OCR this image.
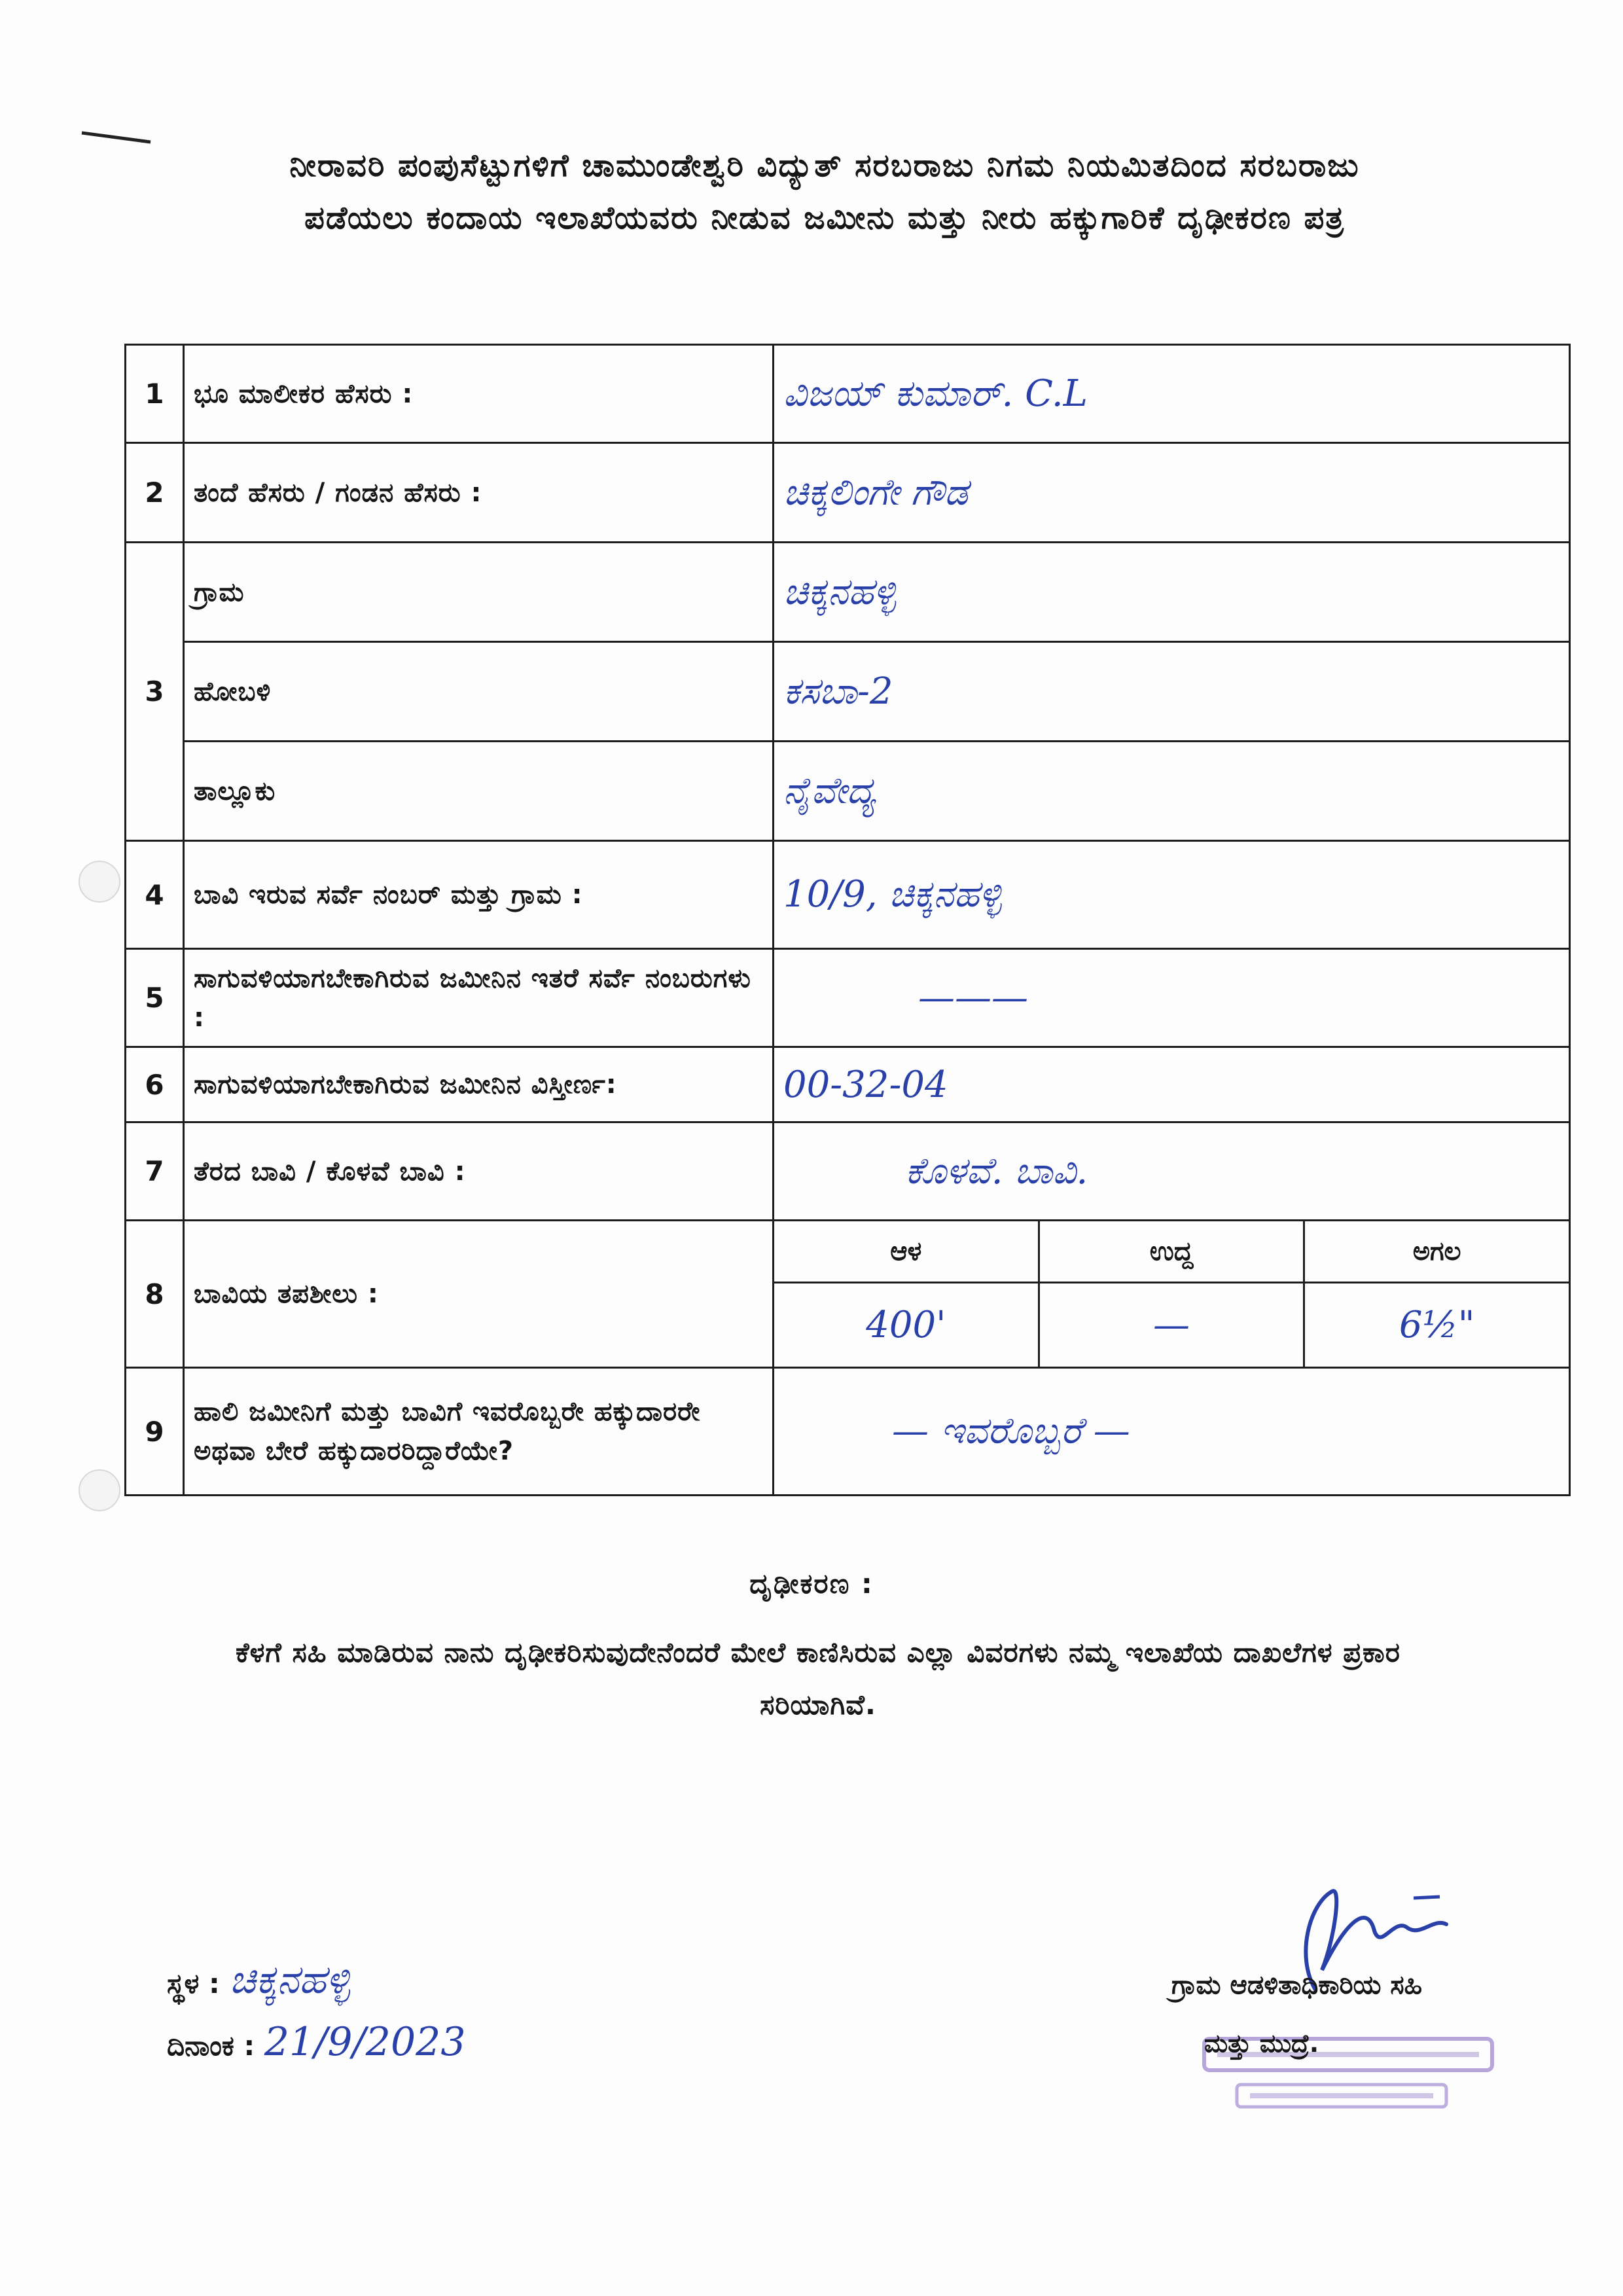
ನೀರಾವರಿ ಪಂಪುಸೆಟ್ಟುಗಳಿಗೆ ಚಾಮುಂಡೇಶ್ವರಿ ವಿದ್ಯುತ್ ಸರಬರಾಜು ನಿಗಮ ನಿಯಮಿತದಿಂದ ಸರಬರಾಜು
ಪಡೆಯಲು ಕಂದಾಯ ಇಲಾಖೆಯವರು ನೀಡುವ ಜಮೀನು ಮತ್ತು ನೀರು ಹಕ್ಕುಗಾರಿಕೆ ದೃಢೀಕರಣ ಪತ್ರ
1	ಭೂ ಮಾಲೀಕರ ಹೆಸರು :	ವಿಜಯ್ ಕುಮಾರ್. C.L		
2	ತಂದೆ ಹೆಸರು / ಗಂಡನ ಹೆಸರು :	ಚಿಕ್ಕಲಿಂಗೇ ಗೌಡ		
3	ಗ್ರಾಮ	ಚಿಕ್ಕನಹಳ್ಳಿ		
	ಹೋಬಳಿ	ಕಸಬಾ-2		
	ತಾಲ್ಲೂಕು	ನೈವೇದ್ಯ		
4	ಬಾವಿ ಇರುವ ಸರ್ವೆ ನಂಬರ್ ಮತ್ತು ಗ್ರಾಮ :	10/9, ಚಿಕ್ಕನಹಳ್ಳಿ		
5	ಸಾಗುವಳಿಯಾಗಬೇಕಾಗಿರುವ ಜಮೀನಿನ ಇತರೆ ಸರ್ವೆ ನಂಬರುಗಳು :	———		
6	ಸಾಗುವಳಿಯಾಗಬೇಕಾಗಿರುವ ಜಮೀನಿನ ವಿಸ್ತೀರ್ಣ:	00-32-04		
7	ತೆರದ ಬಾವಿ / ಕೊಳವೆ ಬಾವಿ :	ಕೊಳವೆ. ಬಾವಿ.		
8	ಬಾವಿಯ ತಪಶೀಲು :	ಆಳ	ಉದ್ದ	ಅಗಲ
		400'	—	6½"
9	ಹಾಲಿ ಜಮೀನಿಗೆ ಮತ್ತು ಬಾವಿಗೆ ಇವರೊಬ್ಬರೇ ಹಕ್ಕುದಾರರೇ ಅಥವಾ ಬೇರೆ ಹಕ್ಕುದಾರರಿದ್ದಾರೆಯೇ?	— ಇವರೊಬ್ಬರೆ —		
ದೃಢೀಕರಣ :
ಕೆಳಗೆ ಸಹಿ ಮಾಡಿರುವ ನಾನು ದೃಢೀಕರಿಸುವುದೇನೆಂದರೆ ಮೇಲೆ ಕಾಣಿಸಿರುವ ಎಲ್ಲಾ ವಿವರಗಳು ನಮ್ಮ ಇಲಾಖೆಯ ದಾಖಲೆಗಳ ಪ್ರಕಾರ ಸರಿಯಾಗಿವೆ.
ಸ್ಥಳ : ಚಿಕ್ಕನಹಳ್ಳಿ
ದಿನಾಂಕ : 21/9/2023
ಗ್ರಾಮ ಆಡಳಿತಾಧಿಕಾರಿಯ ಸಹಿ
ಮತ್ತು ಮುದ್ರೆ.
